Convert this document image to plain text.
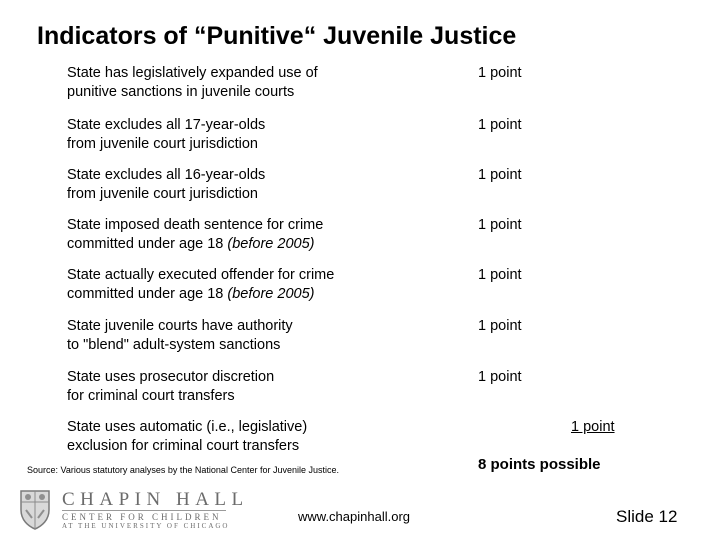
Indicators of “Punitive“ Juvenile Justice
State has legislatively expanded use of
punitive sanctions in juvenile courts
1 point
State excludes all 17-year-olds
from juvenile court jurisdiction
1 point
State excludes all 16-year-olds
from juvenile court jurisdiction
1 point
State imposed death sentence for crime
committed under age 18 (before 2005)
1 point
State actually executed offender for crime
committed under age 18 (before 2005)
1 point
State juvenile courts have authority
to "blend" adult-system sanctions
1 point
State uses prosecutor discretion
for criminal court transfers
1 point
State uses automatic (i.e., legislative)
exclusion for criminal court transfers
1 point
Source: Various statutory analyses by the National Center for Juvenile Justice.	8 points possible
CHAPIN HALL
CENTER FOR CHILDREN
AT THE UNIVERSITY OF CHICAGO
www.chapinhall.org	Slide 12
